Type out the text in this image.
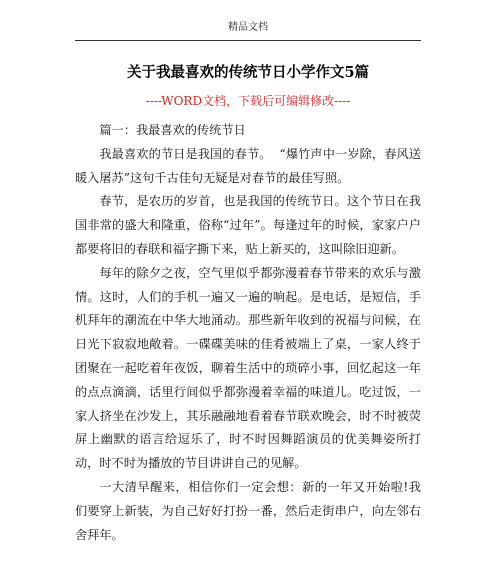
精品文档
关于我最喜欢的传统节日小学作文5篇
----WORD文档，下载后可编辑修改----

篇一：我最喜欢的传统节日

我最喜欢的节日是我国的春节。  “爆竹声中一岁除，春风送暖入屠苏”这句千古佳句无疑是对春节的最佳写照。

春节，是农历的岁首，也是我国的传统节日。这个节日在我国非常的盛大和隆重，俗称“过年”。每逢过年的时候，家家户户都要将旧的春联和福字撕下来，贴上新买的，这叫除旧迎新。

每年的除夕之夜，空气里似乎都弥漫着春节带来的欢乐与激情。这时，人们的手机一遍又一遍的响起。是电话，是短信，手机拜年的潮流在中华大地涌动。那些新年收到的祝福与问候，在日光下寂寂地敞着。一碟碟美味的佳肴被端上了桌，一家人终于团聚在一起吃着年夜饭，聊着生活中的琐碎小事，回忆起这一年的点点滴滴，话里行间似乎都弥漫着幸福的味道儿。吃过饭，一家人挤坐在沙发上，其乐融融地看着春节联欢晚会，时不时被荧屏上幽默的语言给逗乐了，时不时因舞蹈演员的优美舞姿所打动，时不时为播放的节目讲讲自己的见解。

一大清早醒来，相信你们一定会想：新的一年又开始啦!我们要穿上新装，为自己好好打扮一番，然后走街串户，向左邻右舍拜年。
